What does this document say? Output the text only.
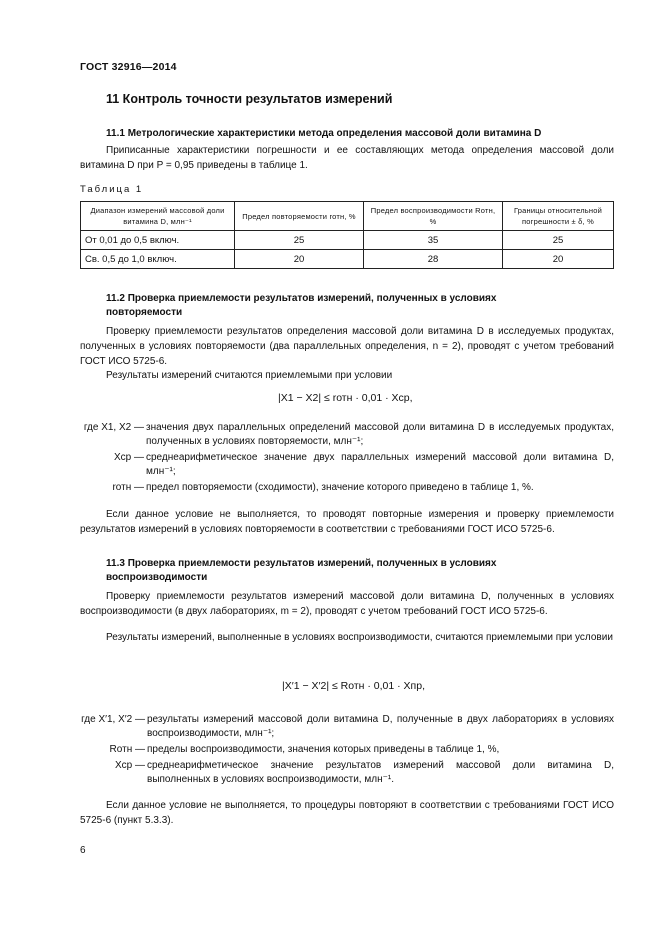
ГОСТ 32916—2014
11 Контроль точности результатов измерений
11.1 Метрологические характеристики метода определения массовой доли витамина D
Приписанные характеристики погрешности и ее составляющих метода определения массовой доли витамина D при P = 0,95 приведены в таблице 1.
Таблица 1
Диапазон измерений массовой доли витамина D, млн⁻¹	Предел повторяемости rотн, %	Предел воспроизводимости Rотн, %	Границы относительной погрешности ± δ, %
От 0,01 до 0,5 включ.	25	35	25
Св. 0,5 до 1,0 включ.	20	28	20
11.2 Проверка приемлемости результатов измерений, полученных в условиях
повторяемости
Проверку приемлемости результатов определения массовой доли витамина D в исследуемых продуктах, полученных в условиях повторяемости (два параллельных определения, n = 2), проводят с учетом требований ГОСТ ИСО 5725-6.
Результаты измерений считаются приемлемыми при условии
|X1 − X2| ≤ rотн · 0,01 · Xср,
где X1, X2 — значения двух параллельных определений массовой доли витамина D в исследуемых продуктах, полученных в условиях повторяемости, млн⁻¹;
Xср — среднеарифметическое значение двух параллельных измерений массовой доли витамина D, млн⁻¹;
rотн — предел повторяемости (сходимости), значение которого приведено в таблице 1, %.
Если данное условие не выполняется, то проводят повторные измерения и проверку приемлемости результатов измерений в условиях повторяемости в соответствии с требованиями ГОСТ ИСО 5725-6.
11.3 Проверка приемлемости результатов измерений, полученных в условиях
воспроизводимости
Проверку приемлемости результатов измерений массовой доли витамина D, полученных в условиях воспроизводимости (в двух лабораториях, m = 2), проводят с учетом требований ГОСТ ИСО 5725-6.
Результаты измерений, выполненные в условиях воспроизводимости, считаются приемлемыми при условии
|X′1 − X′2| ≤ Rотн · 0,01 · Xпр,
где X′1, X′2 — результаты измерений массовой доли витамина D, полученные в двух лабораториях в условиях воспроизводимости, млн⁻¹;
Rотн — пределы воспроизводимости, значения которых приведены в таблице 1, %,
Xср — среднеарифметическое значение результатов измерений массовой доли витамина D, выполненных в условиях воспроизводимости, млн⁻¹.
Если данное условие не выполняется, то процедуры повторяют в соответствии с требованиями ГОСТ ИСО 5725-6 (пункт 5.3.3).
6
